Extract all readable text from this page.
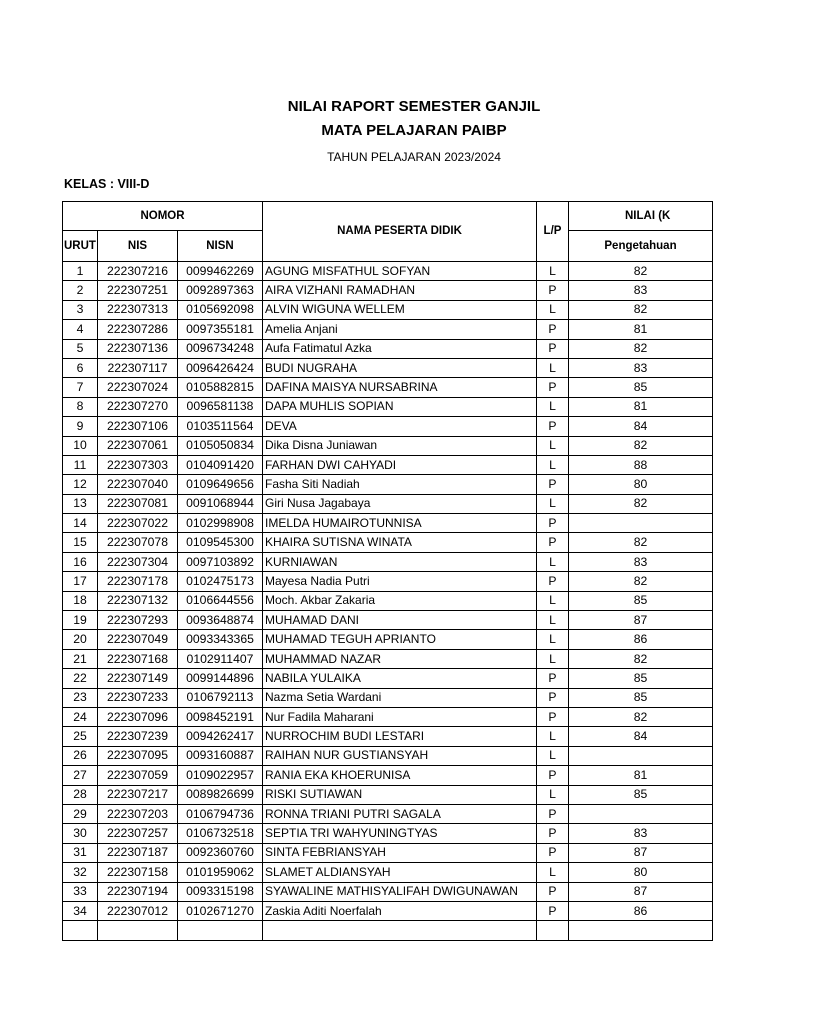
NILAI RAPORT SEMESTER GANJIL
MATA PELAJARAN PAIBP
TAHUN PELAJARAN 2023/2024
KELAS : VIII-D
NOMOR			NAMA PESERTA DIDIK	L/P	NILAI (K
URUT	NIS	NISN			Pengetahuan
1	222307216	0099462269	AGUNG MISFATHUL SOFYAN	L	82
2	222307251	0092897363	AIRA VIZHANI RAMADHAN	P	83
3	222307313	0105692098	ALVIN WIGUNA WELLEM	L	82
4	222307286	0097355181	Amelia Anjani	P	81
5	222307136	0096734248	Aufa Fatimatul Azka	P	82
6	222307117	0096426424	BUDI NUGRAHA	L	83
7	222307024	0105882815	DAFINA MAISYA NURSABRINA	P	85
8	222307270	0096581138	DAPA MUHLIS SOPIAN	L	81
9	222307106	0103511564	DEVA	P	84
10	222307061	0105050834	Dika Disna Juniawan	L	82
11	222307303	0104091420	FARHAN DWI CAHYADI	L	88
12	222307040	0109649656	Fasha Siti Nadiah	P	80
13	222307081	0091068944	Giri Nusa Jagabaya	L	82
14	222307022	0102998908	IMELDA HUMAIROTUNNISA	P	
15	222307078	0109545300	KHAIRA SUTISNA WINATA	P	82
16	222307304	0097103892	KURNIAWAN	L	83
17	222307178	0102475173	Mayesa Nadia Putri	P	82
18	222307132	0106644556	Moch. Akbar Zakaria	L	85
19	222307293	0093648874	MUHAMAD DANI	L	87
20	222307049	0093343365	MUHAMAD TEGUH APRIANTO	L	86
21	222307168	0102911407	MUHAMMAD NAZAR	L	82
22	222307149	0099144896	NABILA YULAIKA	P	85
23	222307233	0106792113	Nazma Setia Wardani	P	85
24	222307096	0098452191	Nur Fadila Maharani	P	82
25	222307239	0094262417	NURROCHIM BUDI LESTARI	L	84
26	222307095	0093160887	RAIHAN NUR GUSTIANSYAH	L	
27	222307059	0109022957	RANIA EKA KHOERUNISA	P	81
28	222307217	0089826699	RISKI SUTIAWAN	L	85
29	222307203	0106794736	RONNA TRIANI PUTRI SAGALA	P	
30	222307257	0106732518	SEPTIA TRI WAHYUNINGTYAS	P	83
31	222307187	0092360760	SINTA FEBRIANSYAH	P	87
32	222307158	0101959062	SLAMET ALDIANSYAH	L	80
33	222307194	0093315198	SYAWALINE MATHISYALIFAH DWIGUNAWAN	P	87
34	222307012	0102671270	Zaskia Aditi Noerfalah	P	86
